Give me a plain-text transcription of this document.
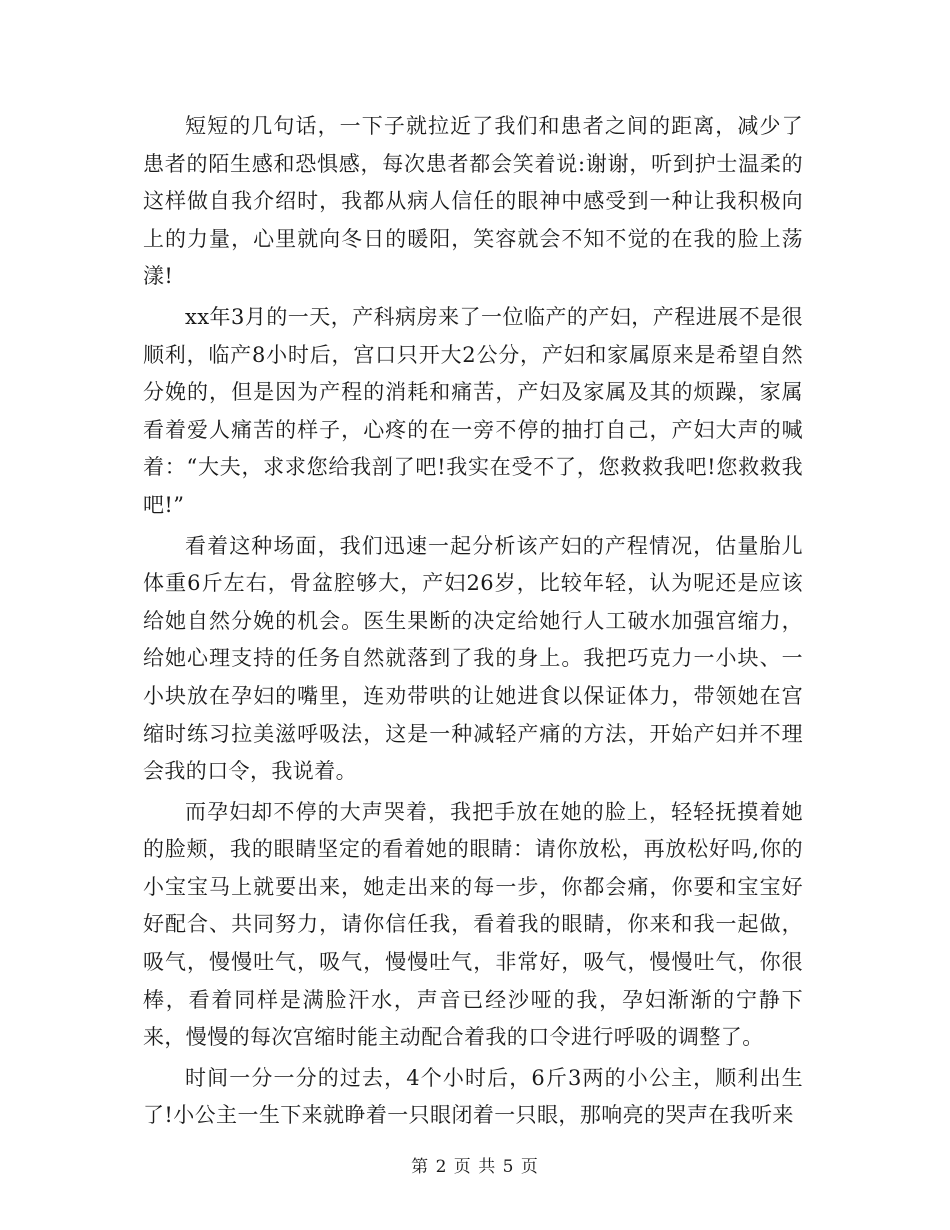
短短的几句话，一下子就拉近了我们和患者之间的距离，减少了患者的陌生感和恐惧感，每次患者都会笑着说:谢谢，听到护士温柔的这样做自我介绍时，我都从病人信任的眼神中感受到一种让我积极向上的力量，心里就向冬日的暖阳，笑容就会不知不觉的在我的脸上荡漾!

xx年3月的一天，产科病房来了一位临产的产妇，产程进展不是很顺利，临产8小时后，宫口只开大2公分，产妇和家属原来是希望自然分娩的，但是因为产程的消耗和痛苦，产妇及家属及其的烦躁，家属看着爱人痛苦的样子，心疼的在一旁不停的抽打自己，产妇大声的喊着：“大夫，求求您给我剖了吧!我实在受不了，您救救我吧!您救救我吧!”

看着这种场面，我们迅速一起分析该产妇的产程情况，估量胎儿体重6斤左右，骨盆腔够大，产妇26岁，比较年轻，认为呢还是应该给她自然分娩的机会。医生果断的决定给她行人工破水加强宫缩力，给她心理支持的任务自然就落到了我的身上。我把巧克力一小块、一小块放在孕妇的嘴里，连劝带哄的让她进食以保证体力，带领她在宫缩时练习拉美滋呼吸法，这是一种减轻产痛的方法，开始产妇并不理会我的口令，我说着。

而孕妇却不停的大声哭着，我把手放在她的脸上，轻轻抚摸着她的脸颊，我的眼睛坚定的看着她的眼睛：请你放松，再放松好吗,你的小宝宝马上就要出来，她走出来的每一步，你都会痛，你要和宝宝好好配合、共同努力，请你信任我，看着我的眼睛，你来和我一起做，吸气，慢慢吐气，吸气，慢慢吐气，非常好，吸气，慢慢吐气，你很棒，看着同样是满脸汗水，声音已经沙哑的我，孕妇渐渐的宁静下来，慢慢的每次宫缩时能主动配合着我的口令进行呼吸的调整了。

时间一分一分的过去，4个小时后，6斤3两的小公主，顺利出生了!小公主一生下来就睁着一只眼闭着一只眼，那响亮的哭声在我听来

第 2 页 共 5 页
